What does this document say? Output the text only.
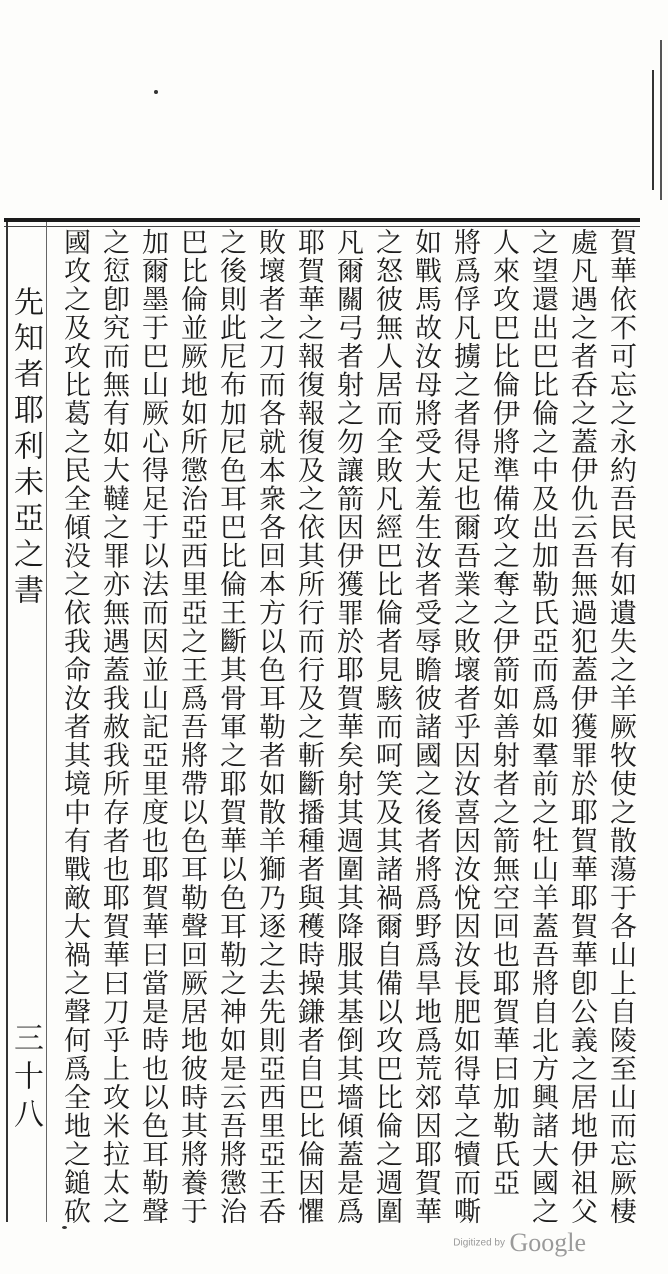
先知者耶利未亞之書
三十八	賀華依不可忘之永約吾民有如遺失之羊厥牧使之散蕩于各山上自陵至山而忘厥棲
處凡遇之者呑之蓋伊仇云吾無過犯蓋伊獲罪於耶賀華耶賀華卽公義之居地伊祖父
之望還出巴比倫之中及出加勒氏亞而爲如羣前之牡山羊蓋吾將自北方興諸大國之
人來攻巴比倫伊將準備攻之奪之伊箭如善射者之箭無空回也耶賀華曰加勒氏亞
將爲俘凡擄之者得足也爾吾業之敗壞者乎因汝喜因汝悅因汝長肥如得草之犢而嘶
如戰馬故汝母將受大羞生汝者受辱瞻彼諸國之後者將爲野爲旱地爲荒郊因耶賀華
之怒彼無人居而全敗凡經巴比倫者見駭而呵笑及其諸禍爾自備以攻巴比倫之週圍
凡爾關弓者射之勿讓箭因伊獲罪於耶賀華矣射其週圍其降服其基倒其墻傾蓋是爲
耶賀華之報復報復及之依其所行而行及之斬斷播種者與穫時操鎌者自巴比倫因懼
敗壞者之刀而各就本衆各回本方以色耳勒者如散羊獅乃逐之去先則亞西里亞王呑
之後則此尼布加尼色耳巴比倫王斷其骨軍之耶賀華以色耳勒之神如是云吾將懲治
巴比倫並厥地如所懲治亞西里亞之王爲吾將帶以色耳勒聲回厥居地彼時其將養于
加爾墨于巴山厥心得足于以法而因並山記亞里度也耶賀華曰當是時也以色耳勒聲
之愆卽究而無有如大韃之罪亦無遇蓋我赦我所存者也耶賀華曰刀乎上攻米拉太之
國攻之及攻比葛之民全傾没之依我命汝者其境中有戰敵大禍之聲何爲全地之鎚砍
Digitized by Google
